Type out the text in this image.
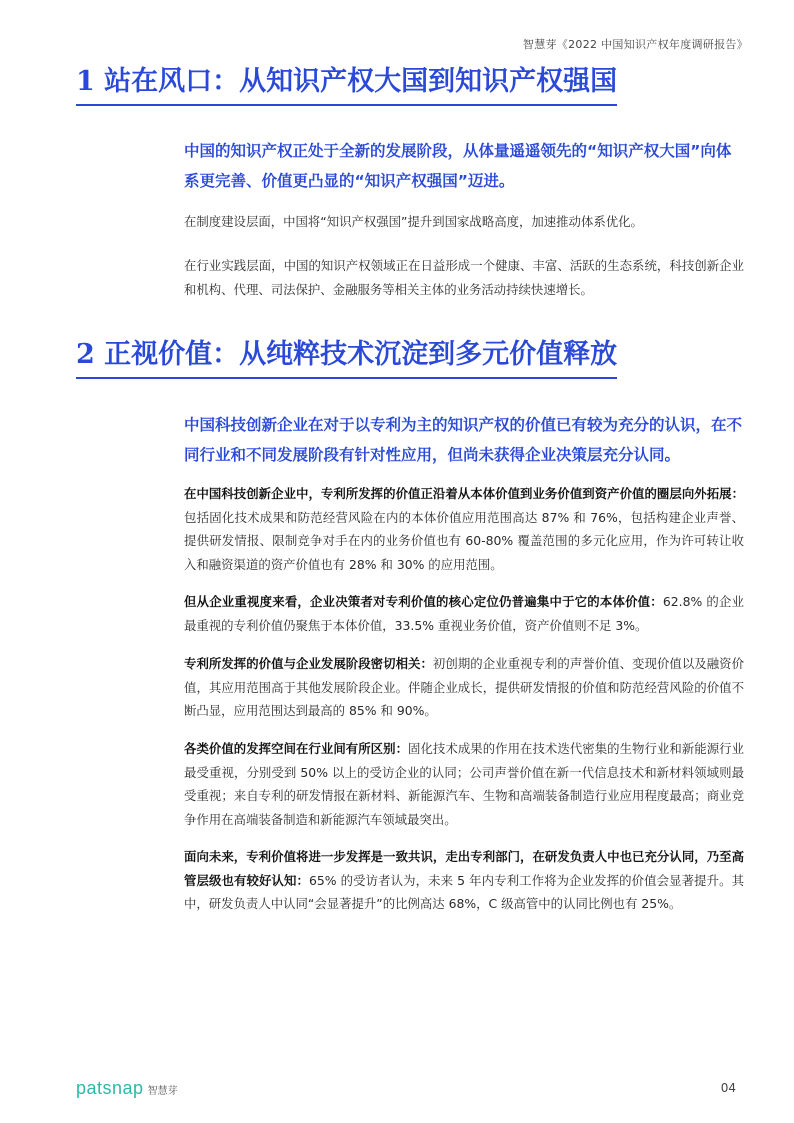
智慧芽《2022 中国知识产权年度调研报告》
1 站在风口：从知识产权大国到知识产权强国
中国的知识产权正处于全新的发展阶段，从体量遥遥领先的“知识产权大国”向体系更完善、价值更凸显的“知识产权强国”迈进。
在制度建设层面，中国将“知识产权强国”提升到国家战略高度，加速推动体系优化。
在行业实践层面，中国的知识产权领域正在日益形成一个健康、丰富、活跃的生态系统，科技创新企业和机构、代理、司法保护、金融服务等相关主体的业务活动持续快速增长。
2 正视价值：从纯粹技术沉淀到多元价值释放
中国科技创新企业在对于以专利为主的知识产权的价值已有较为充分的认识，在不同行业和不同发展阶段有针对性应用，但尚未获得企业决策层充分认同。
在中国科技创新企业中，专利所发挥的价值正沿着从本体价值到业务价值到资产价值的圈层向外拓展：包括固化技术成果和防范经营风险在内的本体价值应用范围高达 87% 和 76%，包括构建企业声誉、提供研发情报、限制竞争对手在内的业务价值也有 60-80% 覆盖范围的多元化应用，作为许可转让收入和融资渠道的资产价值也有 28% 和 30% 的应用范围。
但从企业重视度来看，企业决策者对专利价值的核心定位仍普遍集中于它的本体价值：62.8% 的企业最重视的专利价值仍聚焦于本体价值，33.5% 重视业务价值，资产价值则不足 3%。
专利所发挥的价值与企业发展阶段密切相关：初创期的企业重视专利的声誉价值、变现价值以及融资价值，其应用范围高于其他发展阶段企业。伴随企业成长，提供研发情报的价值和防范经营风险的价值不断凸显，应用范围达到最高的 85% 和 90%。
各类价值的发挥空间在行业间有所区别：固化技术成果的作用在技术迭代密集的生物行业和新能源行业最受重视，分别受到 50% 以上的受访企业的认同；公司声誉价值在新一代信息技术和新材料领域则最受重视；来自专利的研发情报在新材料、新能源汽车、生物和高端装备制造行业应用程度最高；商业竞争作用在高端装备制造和新能源汽车领域最突出。
面向未来，专利价值将进一步发挥是一致共识，走出专利部门，在研发负责人中也已充分认同，乃至高管层级也有较好认知：65% 的受访者认为，未来 5 年内专利工作将为企业发挥的价值会显著提升。其中，研发负责人中认同“会显著提升”的比例高达 68%，C 级高管中的认同比例也有 25%。
patsnap 智慧芽	04
